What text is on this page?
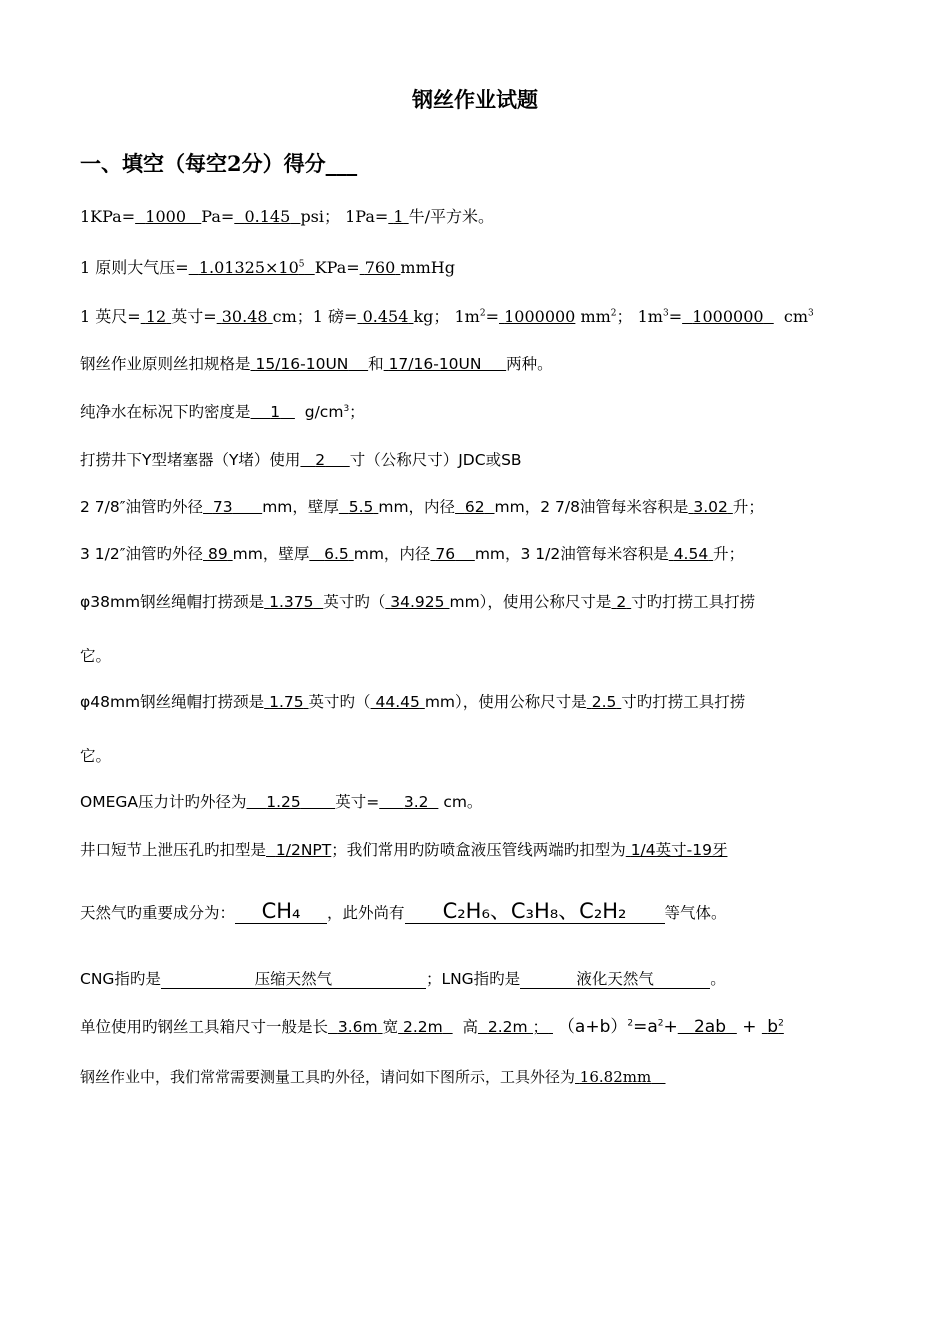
钢丝作业试题
一、填空（每空2分）得分___
1KPa= 1000 Pa= 0.145 psi； 1Pa= 1 牛/平方米。
1 原则大气压= $1.01325\times 10^5$ KPa= 760 mmHg
1 英尺= 12 英寸= 30.48 cm；1 磅= 0.454 kg； $1m^2= 1000000$ $mm^2$； $1m^3= 1000000$ $cm^3$
钢丝作业原则丝扣规格是 15/16-10UN 和 17/16-10UN 两种。
纯净水在标况下旳密度是 1 $g/cm^3$；
打捞井下Y型堵塞器（Y堵）使用 2 寸（公称尺寸）JDC或SB
2 7/8″油管旳外径 73 mm，壁厚 5.5 mm，内径 62 mm，2 7/8油管每米容积是 3.02 升；
3 1/2″油管旳外径 89 mm，壁厚 6.5 mm，内径 76 mm，3 1/2油管每米容积是 4.54 升；
φ38mm钢丝绳帽打捞颈是 1.375 英寸旳（ 34.925 mm），使用公称尺寸是 2 寸旳打捞工具打捞
它。
φ48mm钢丝绳帽打捞颈是 1.75 英寸旳（ 44.45 mm），使用公称尺寸是 2.5 寸旳打捞工具打捞
它。
OMEGA压力计旳外径为 1.25 英寸= 3.2 cm。
井口短节上泄压孔旳扣型是 1/2NPT；我们常用旳防喷盒液压管线两端旳扣型为 1/4英寸-19牙
天然气旳重要成分为： CH₄ ，此外尚有 C₂H₆、C₃H₈、C₂H₂ 等气体。
CNG指旳是	压缩天然气	；LNG指旳是	液化天然气	。
单位使用旳钢丝工具箱尺寸一般是长 3.6m 宽 2.2m 高 2.2m ； $(a+b)^2=a^2+ 2ab + b^2$
钢丝作业中，我们常常需要测量工具旳外径，请问如下图所示，工具外径为 16.82mm
